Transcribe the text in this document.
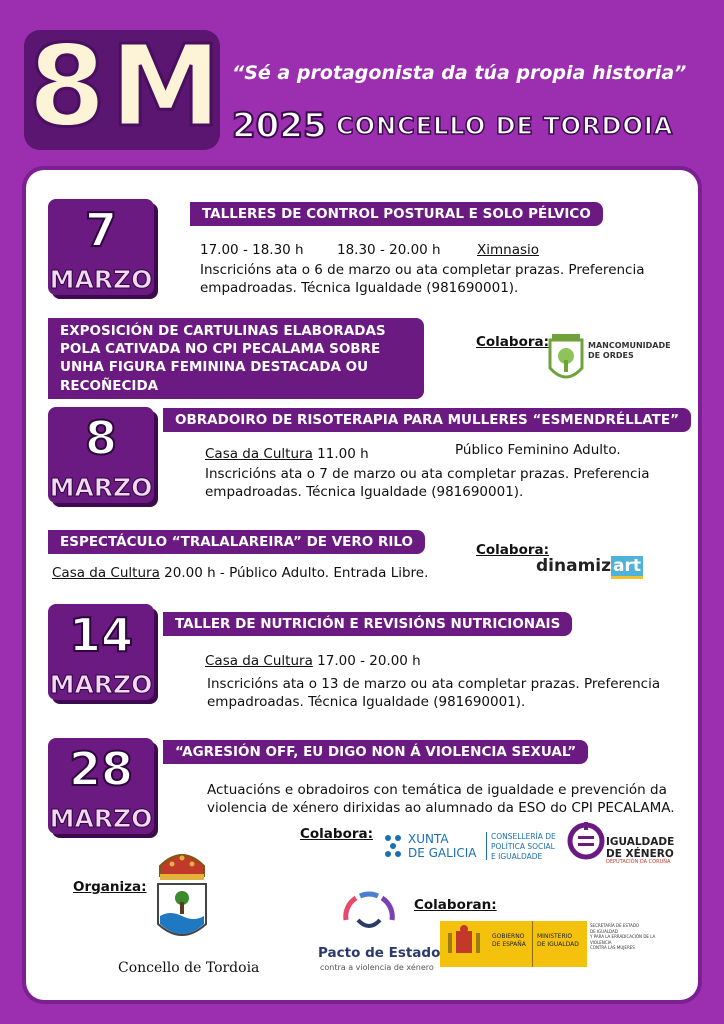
8M “Sé a protagonista da túa propia historia”
2025 CONCELLO DE TORDOIA
7
MARZO
TALLERES DE CONTROL POSTURAL E SOLO PÉLVICO
17.00 - 18.30 h 18.30 - 20.00 h	Ximnasio
Inscricións ata o 6 de marzo ou ata completar prazas. Preferencia empadroadas. Técnica Igualdade (981690001).
EXPOSICIÓN DE CARTULINAS ELABORADAS POLA CATIVADA NO CPI PECALAMA SOBRE UNHA FIGURA FEMININA DESTACADA OU RECOÑECIDA
Colabora:	MANCOMUNIDADE
DE ORDES
8
MARZO
OBRADOIRO DE RISOTERAPIA PARA MULLERES “ESMENDRÉLLATE”
Casa da Cultura 11.00 h	Público Feminino Adulto.
Inscricións ata o 7 de marzo ou ata completar prazas. Preferencia empadroadas. Técnica Igualdade (981690001).
ESPECTÁCULO “TRALALAREIRA” DE VERO RILO
Casa da Cultura 20.00 h - Público Adulto. Entrada Libre.
Colabora:
dinamiz art
14
MARZO
TALLER DE NUTRICIÓN E REVISIÓNS NUTRICIONAIS
Casa da Cultura 17.00 - 20.00 h
Inscricións ata o 13 de marzo ou ata completar prazas. Preferencia empadroadas. Técnica Igualdade (981690001).
28
MARZO
“AGRESIÓN OFF, EU DIGO NON Á VIOLENCIA SEXUAL”
Actuacións e obradoiros con temática de igualdade e prevención da violencia de xénero dirixidas ao alumnado da ESO do CPI PECALAMA.
Colabora:	XUNTA
DE GALICIA
CONSELLERÍA DE
POLÍTICA SOCIAL
E IGUALDADE
IGUALDADE
DE XÉNERO
DEPUTACIÓN DA CORUÑA
Organiza:
Concello de Tordoia
Colaboran:
Pacto de Estado
contra a violencia de xénero
GOBIERNO
DE ESPAÑA
MINISTERIO
DE IGUALDAD
SECRETARÍA DE ESTADO
DE IGUALDAD
Y PARA LA ERRADICACIÓN DE LA VIOLENCIA
CONTRA LAS MUJERES
